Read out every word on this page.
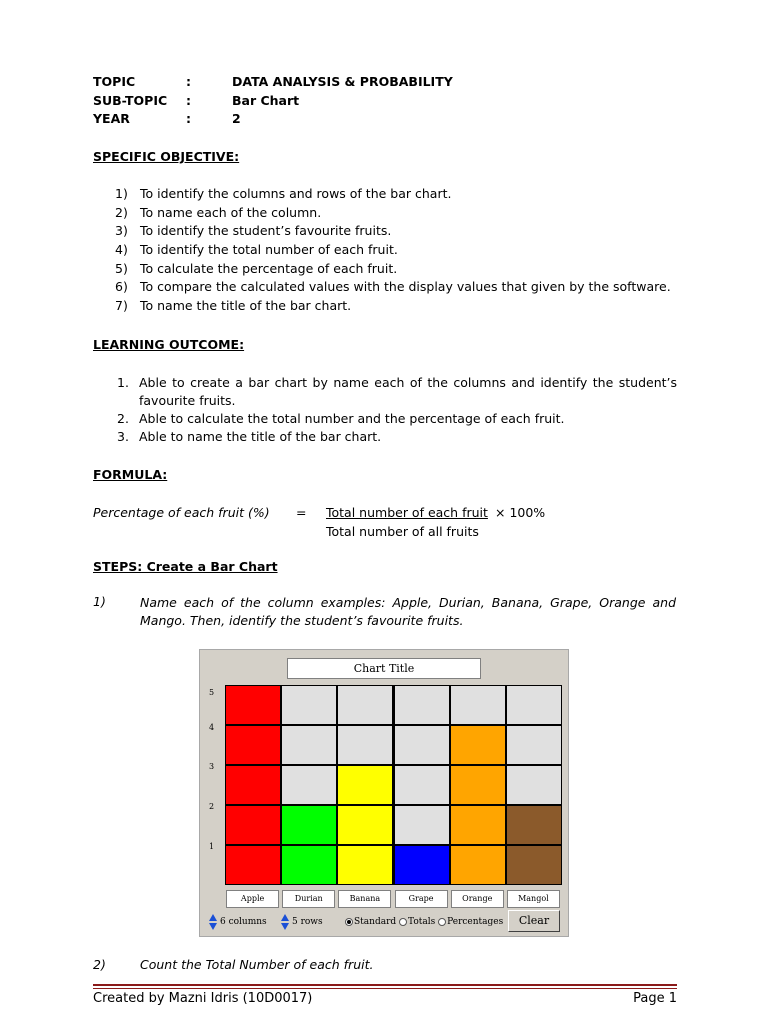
TOPIC	:	DATA ANALYSIS & PROBABILITY
SUB-TOPIC :	Bar Chart
YEAR	:	2
SPECIFIC OBJECTIVE:
1) To identify the columns and rows of the bar chart.
2) To name each of the column.
3) To identify the student’s favourite fruits.
4) To identify the total number of each fruit.
5) To calculate the percentage of each fruit.
6) To compare the calculated values with the display values that given by the software.
7) To name the title of the bar chart.
LEARNING OUTCOME:
1. Able to create a bar chart by name each of the columns and identify the student’s favourite fruits.
2. Able to calculate the total number and the percentage of each fruit.
3. Able to name the title of the bar chart.
FORMULA:
Percentage of each fruit (%) = Total number of each fruit × 100%
Total number of all fruits
STEPS: Create a Bar Chart
1)	Name each of the column examples: Apple, Durian, Banana, Grape, Orange and Mango. Then, identify the student’s favourite fruits.
Chart Title
5
4
3
2
1
Apple	Durian	Banana	Grape	Orange	Mangol
6 columns	5 rows	Standard Totals Percentages	Clear
2)	Count the Total Number of each fruit.
Created by Mazni Idris (10D0017)	Page 1
